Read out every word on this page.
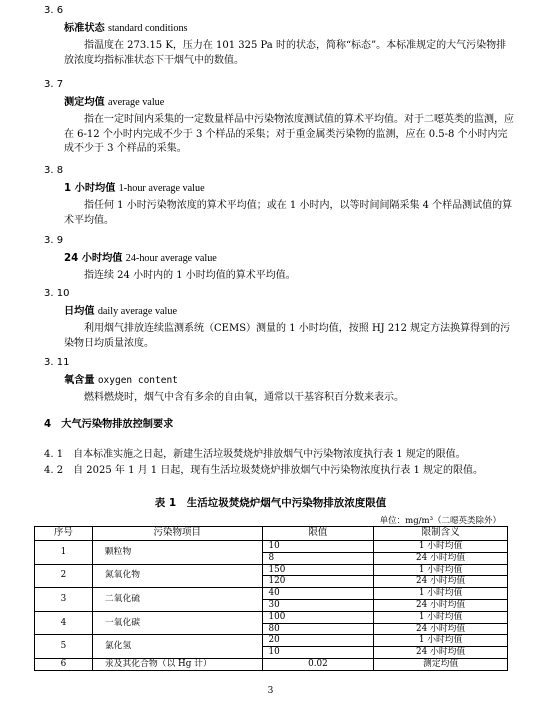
3. 6
标准状态 standard conditions
指温度在 273.15 K，压力在 101 325 Pa 时的状态，简称“标态”。本标准规定的大气污染物排放浓度均指标准状态下干烟气中的数值。
3. 7
测定均值 average value
指在一定时间内采集的一定数量样品中污染物浓度测试值的算术平均值。对于二噁英类的监测，应在 6-12 个小时内完成不少于 3 个样品的采集；对于重金属类污染物的监测，应在 0.5-8 个小时内完成不少于 3 个样品的采集。
3. 8
1 小时均值 1-hour average value
指任何 1 小时污染物浓度的算术平均值；或在 1 小时内，以等时间间隔采集 4 个样品测试值的算术平均值。
3. 9
24 小时均值 24-hour average value
指连续 24 小时内的 1 小时均值的算术平均值。
3. 10
日均值 daily average value
利用烟气排放连续监测系统（CEMS）测量的 1 小时均值，按照 HJ 212 规定方法换算得到的污染物日均质量浓度。
3. 11
氧含量 oxygen content
燃料燃烧时，烟气中含有多余的自由氧，通常以干基容积百分数来表示。
4　大气污染物排放控制要求
4. 1　自本标准实施之日起，新建生活垃圾焚烧炉排放烟气中污染物浓度执行表 1 规定的限值。
4. 2　自 2025 年 1 月 1 日起，现有生活垃圾焚烧炉排放烟气中污染物浓度执行表 1 规定的限值。
表 1　生活垃圾焚烧炉烟气中污染物排放浓度限值
单位：mg/m³（二噁英类除外）
序号	污染物项目	限值	限制含义
1	颗粒物	10	1 小时均值
		8	24 小时均值
2	氮氧化物	150	1 小时均值
		120	24 小时均值
3	二氧化硫	40	1 小时均值
		30	24 小时均值
4	一氧化碳	100	1 小时均值
		80	24 小时均值
5	氯化氢	20	1 小时均值
		10	24 小时均值
6	汞及其化合物（以 Hg 计）	0.02	测定均值
3
